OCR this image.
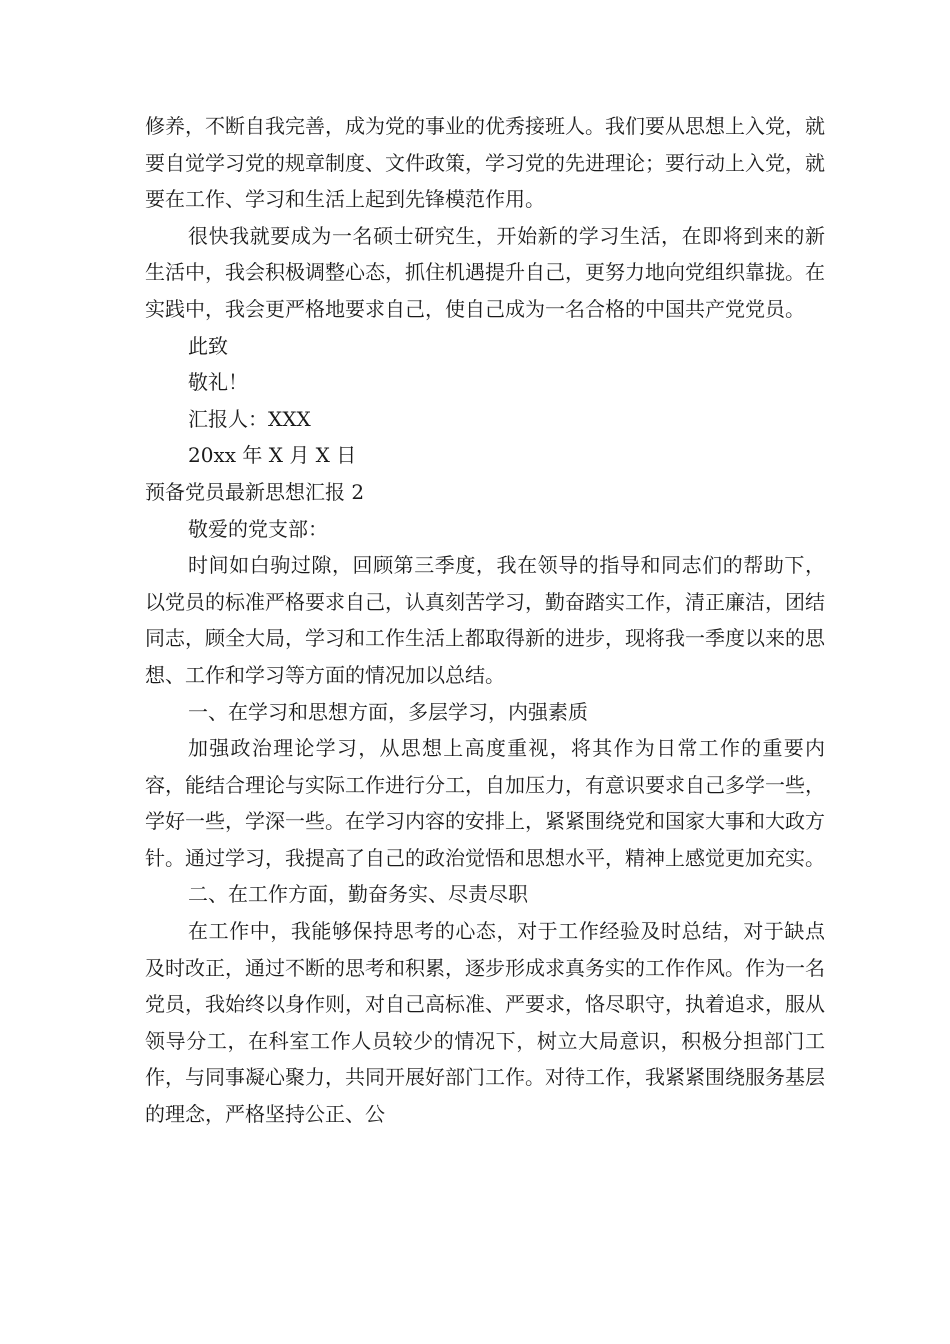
修养，不断自我完善，成为党的事业的优秀接班人。我们要从思想上入党，就要自觉学习党的规章制度、文件政策，学习党的先进理论；要行动上入党，就要在工作、学习和生活上起到先锋模范作用。

很快我就要成为一名硕士研究生，开始新的学习生活，在即将到来的新生活中，我会积极调整心态，抓住机遇提升自己，更努力地向党组织靠拢。在实践中，我会更严格地要求自己，使自己成为一名合格的中国共产党党员。

此致
敬礼！
汇报人：XXX
20xx 年 X 月 X 日
预备党员最新思想汇报 2
敬爱的党支部：

时间如白驹过隙，回顾第三季度，我在领导的指导和同志们的帮助下，以党员的标准严格要求自己，认真刻苦学习，勤奋踏实工作，清正廉洁，团结同志，顾全大局，学习和工作生活上都取得新的进步，现将我一季度以来的思想、工作和学习等方面的情况加以总结。

一、在学习和思想方面，多层学习，内强素质

加强政治理论学习，从思想上高度重视，将其作为日常工作的重要内容，能结合理论与实际工作进行分工，自加压力，有意识要求自己多学一些，学好一些，学深一些。在学习内容的安排上，紧紧围绕党和国家大事和大政方针。通过学习，我提高了自己的政治觉悟和思想水平，精神上感觉更加充实。

二、在工作方面，勤奋务实、尽责尽职

在工作中，我能够保持思考的心态，对于工作经验及时总结，对于缺点及时改正，通过不断的思考和积累，逐步形成求真务实的工作作风。作为一名党员，我始终以身作则，对自己高标准、严要求，恪尽职守，执着追求，服从领导分工，在科室工作人员较少的情况下，树立大局意识，积极分担部门工作，与同事凝心聚力，共同开展好部门工作。对待工作，我紧紧围绕服务基层的理念，严格坚持公正、公
